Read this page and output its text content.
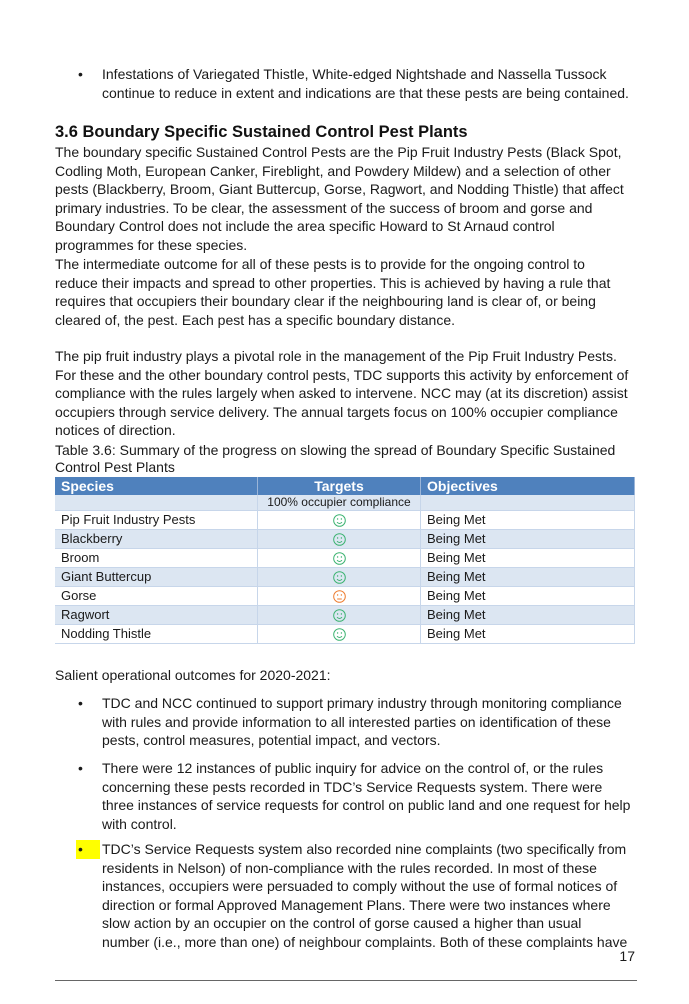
•	Infestations of Variegated Thistle, White-edged Nightshade and Nassella Tussock
continue to reduce in extent and indications are that these pests are being contained.
3.6 Boundary Specific Sustained Control Pest Plants
The boundary specific Sustained Control Pests are the Pip Fruit Industry Pests (Black Spot,
Codling Moth, European Canker, Fireblight, and Powdery Mildew) and a selection of other
pests (Blackberry, Broom, Giant Buttercup, Gorse, Ragwort, and Nodding Thistle) that affect
primary industries. To be clear, the assessment of the success of broom and gorse and
Boundary Control does not include the area specific Howard to St Arnaud control
programmes for these species.
The intermediate outcome for all of these pests is to provide for the ongoing control to
reduce their impacts and spread to other properties. This is achieved by having a rule that
requires that occupiers their boundary clear if the neighbouring land is clear of, or being
cleared of, the pest. Each pest has a specific boundary distance.
The pip fruit industry plays a pivotal role in the management of the Pip Fruit Industry Pests.
For these and the other boundary control pests, TDC supports this activity by enforcement of
compliance with the rules largely when asked to intervene. NCC may (at its discretion) assist
occupiers through service delivery. The annual targets focus on 100% occupier compliance
notices of direction.
Table 3.6: Summary of the progress on slowing the spread of Boundary Specific Sustained
Control Pest Plants
Species	Targets	Objectives
	100% occupier compliance	
Pip Fruit Industry Pests		Being Met
Blackberry		Being Met
Broom		Being Met
Giant Buttercup		Being Met
Gorse		Being Met
Ragwort		Being Met
Nodding Thistle		Being Met
Salient operational outcomes for 2020-2021:
•	TDC and NCC continued to support primary industry through monitoring compliance
with rules and provide information to all interested parties on identification of these
pests, control measures, potential impact, and vectors.
•	There were 12 instances of public inquiry for advice on the control of, or the rules
concerning these pests recorded in TDC’s Service Requests system. There were
three instances of service requests for control on public land and one request for help
with control.
•	TDC’s Service Requests system also recorded nine complaints (two specifically from
residents in Nelson) of non-compliance with the rules recorded. In most of these
instances, occupiers were persuaded to comply without the use of formal notices of
direction or formal Approved Management Plans. There were two instances where
slow action by an occupier on the control of gorse caused a higher than usual
number (i.e., more than one) of neighbour complaints. Both of these complaints have
17
